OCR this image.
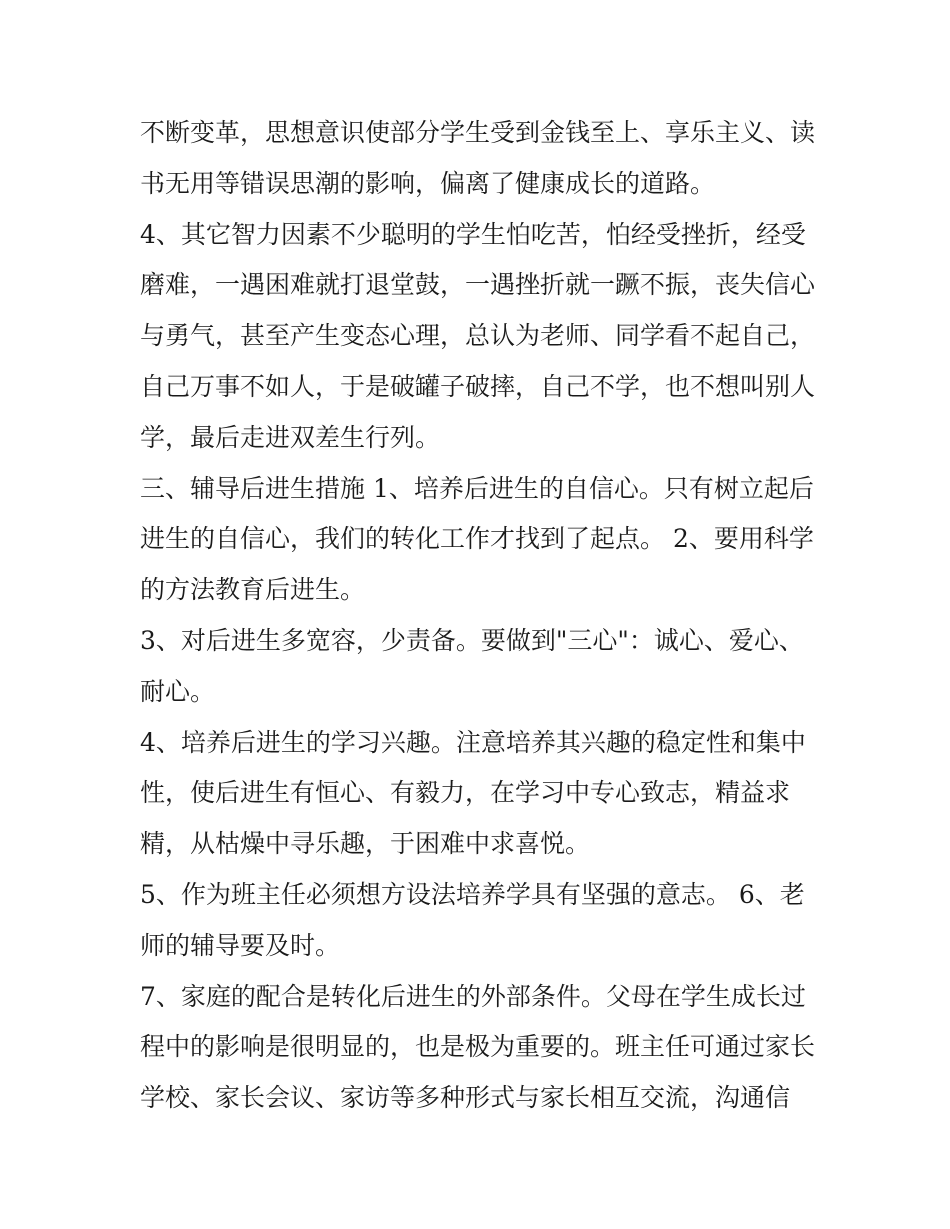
不断变革，思想意识使部分学生受到金钱至上、享乐主义、读
书无用等错误思潮的影响，偏离了健康成长的道路。
4、其它智力因素不少聪明的学生怕吃苦，怕经受挫折，经受
磨难，一遇困难就打退堂鼓，一遇挫折就一蹶不振，丧失信心
与勇气，甚至产生变态心理，总认为老师、同学看不起自己，
自己万事不如人，于是破罐子破摔，自己不学，也不想叫别人
学，最后走进双差生行列。
三、辅导后进生措施 1、培养后进生的自信心。只有树立起后
进生的自信心，我们的转化工作才找到了起点。 2、要用科学
的方法教育后进生。
3、对后进生多宽容，少责备。要做到"三心"：诚心、爱心、
耐心。
4、培养后进生的学习兴趣。注意培养其兴趣的稳定性和集中
性，使后进生有恒心、有毅力，在学习中专心致志，精益求
精，从枯燥中寻乐趣，于困难中求喜悦。
5、作为班主任必须想方设法培养学具有坚强的意志。 6、老
师的辅导要及时。
7、家庭的配合是转化后进生的外部条件。父母在学生成长过
程中的影响是很明显的，也是极为重要的。班主任可通过家长
学校、家长会议、家访等多种形式与家长相互交流，沟通信
